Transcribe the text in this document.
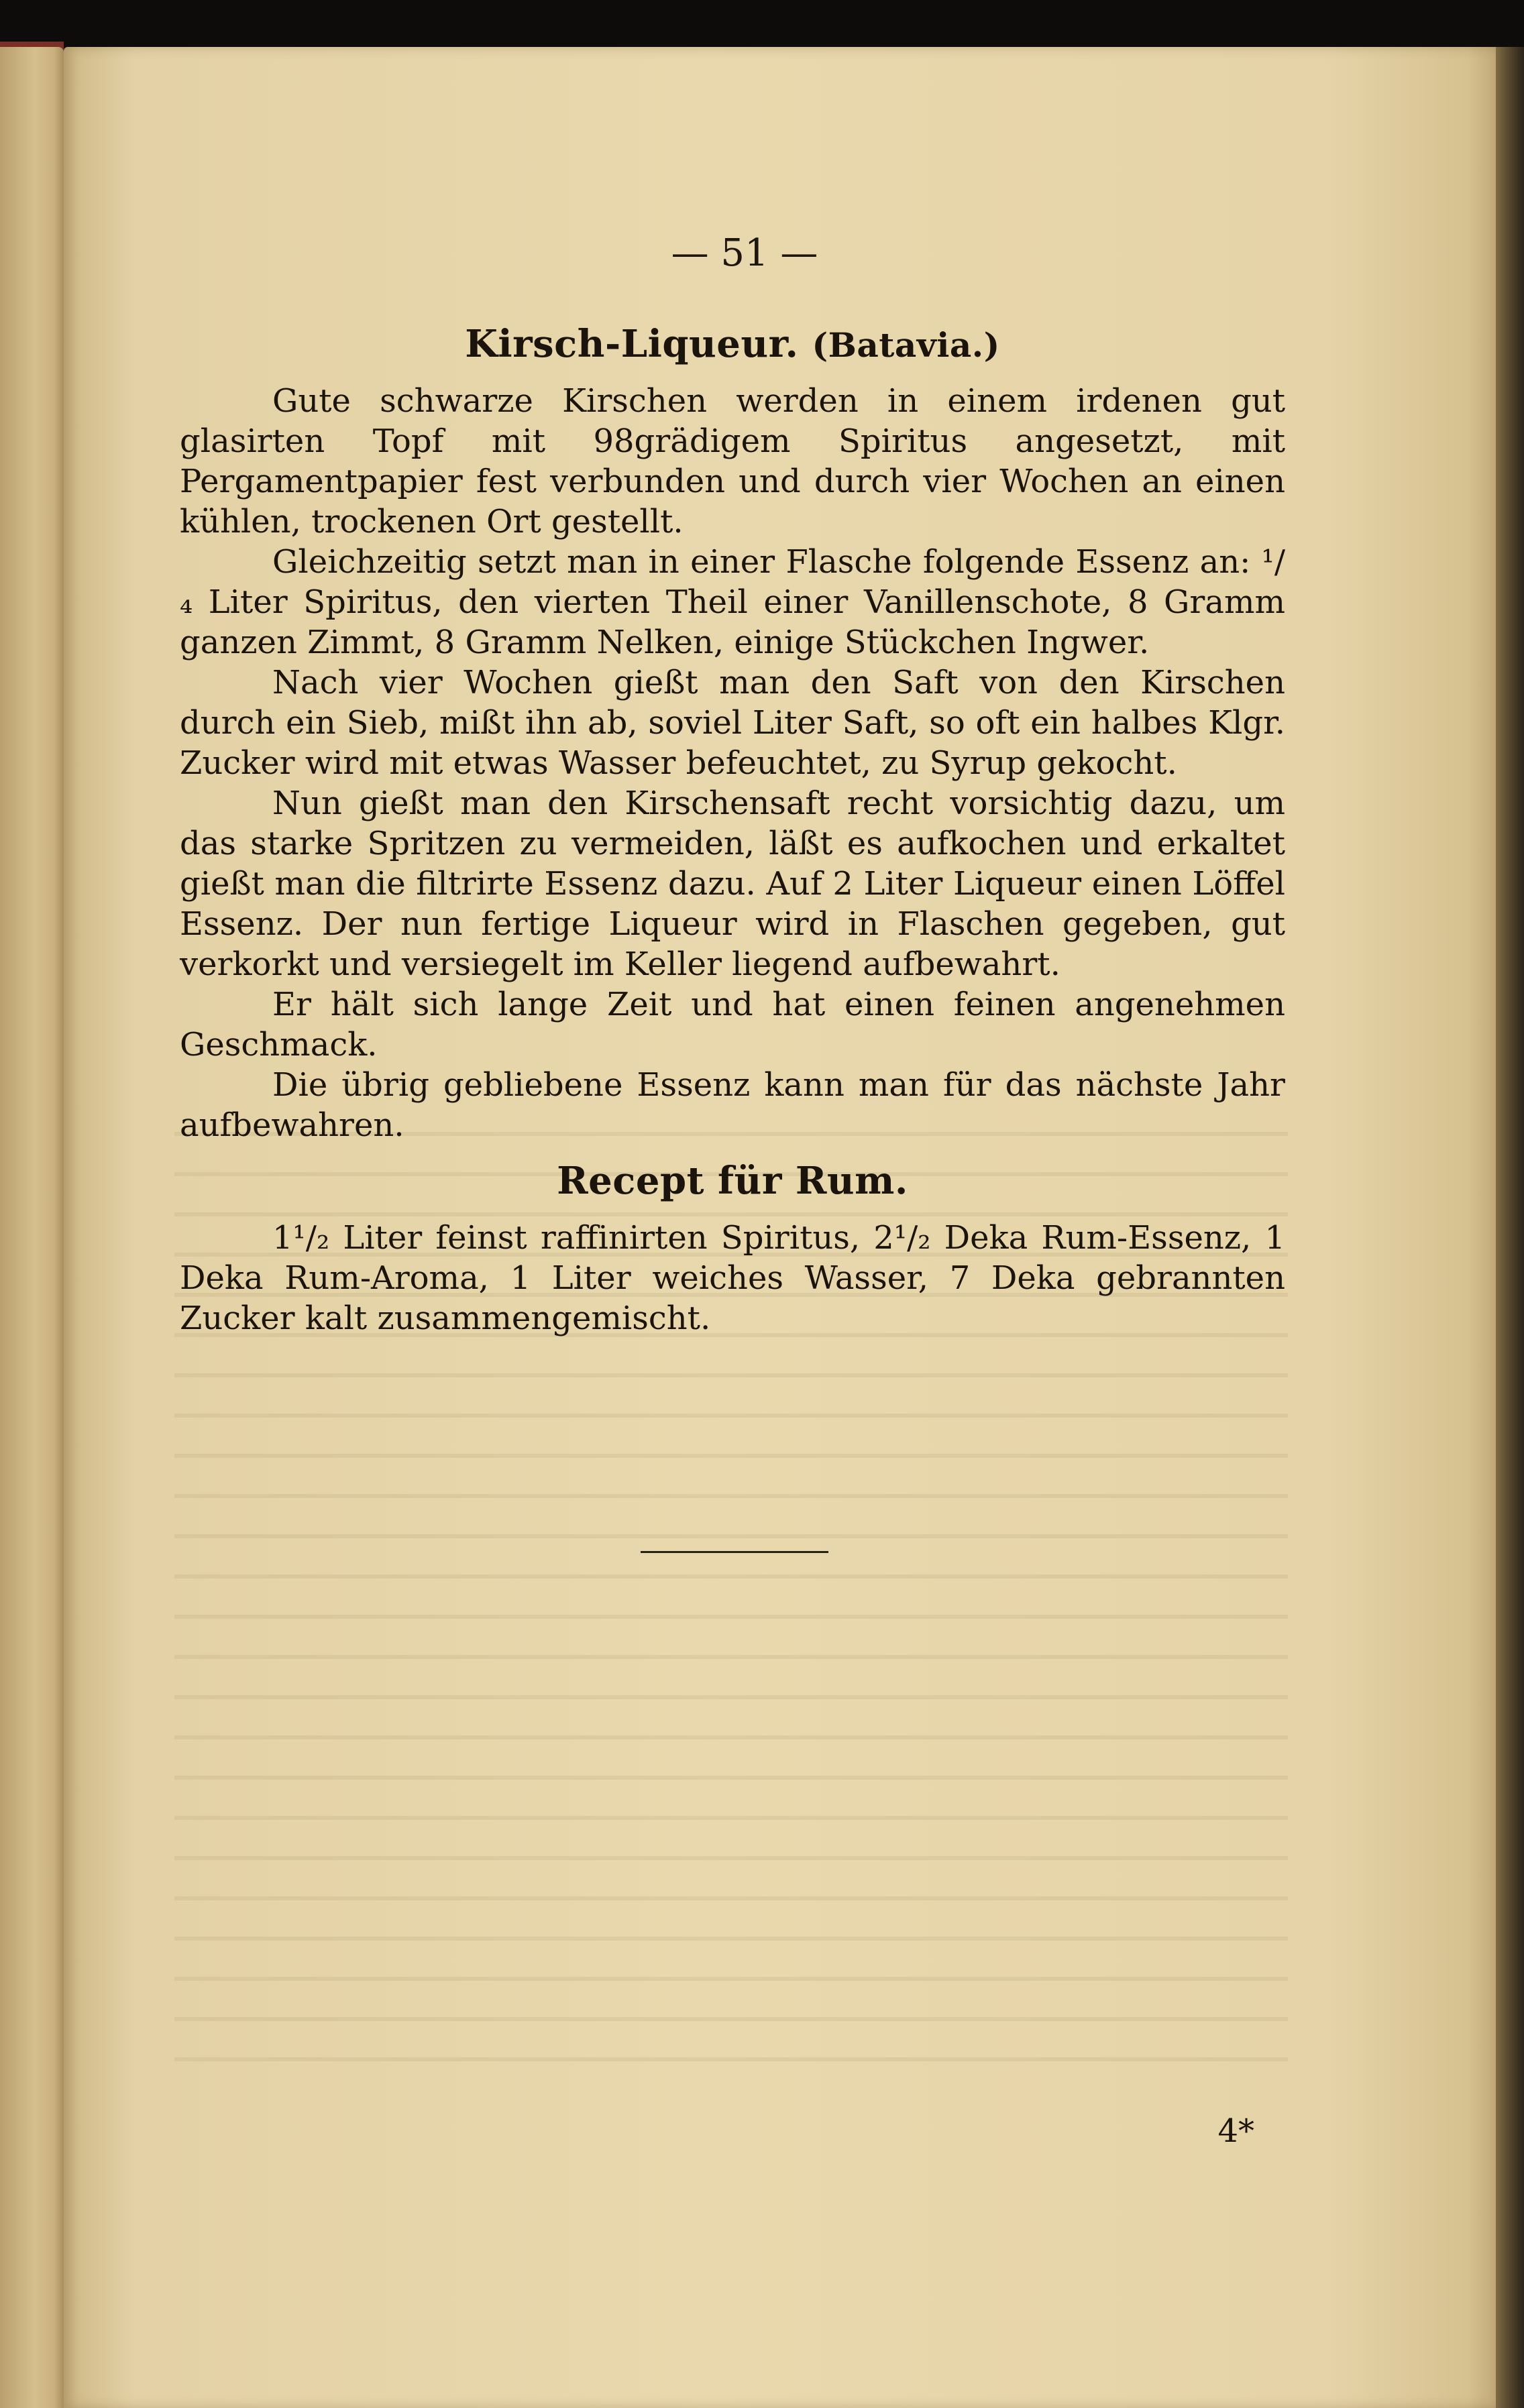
— 51 —
Kirsch-Liqueur. (Batavia.)

Gute schwarze Kirschen werden in einem irdenen gut glasirten Topf mit 98grädigem Spiritus angesetzt, mit Pergamentpapier fest verbunden und durch vier Wochen an einen kühlen, trockenen Ort gestellt.

Gleichzeitig setzt man in einer Flasche folgende Essenz an: ¹/₄ Liter Spiritus, den vierten Theil einer Vanillenschote, 8 Gramm ganzen Zimmt, 8 Gramm Nelken, einige Stückchen Ingwer.

Nach vier Wochen gießt man den Saft von den Kirschen durch ein Sieb, mißt ihn ab, soviel Liter Saft, so oft ein halbes Klgr. Zucker wird mit etwas Wasser befeuchtet, zu Syrup gekocht.

Nun gießt man den Kirschensaft recht vorsichtig dazu, um das starke Spritzen zu vermeiden, läßt es aufkochen und erkaltet gießt man die filtrirte Essenz dazu. Auf 2 Liter Liqueur einen Löffel Essenz. Der nun fertige Liqueur wird in Flaschen gegeben, gut verkorkt und versiegelt im Keller liegend aufbewahrt.

Er hält sich lange Zeit und hat einen feinen angenehmen Geschmack.

Die übrig gebliebene Essenz kann man für das nächste Jahr aufbewahren.

Recept für Rum.

1¹/₂ Liter feinst raffinirten Spiritus, 2¹/₂ Deka Rum-Essenz, 1 Deka Rum-Aroma, 1 Liter weiches Wasser, 7 Deka gebrannten Zucker kalt zusammengemischt.

4*
